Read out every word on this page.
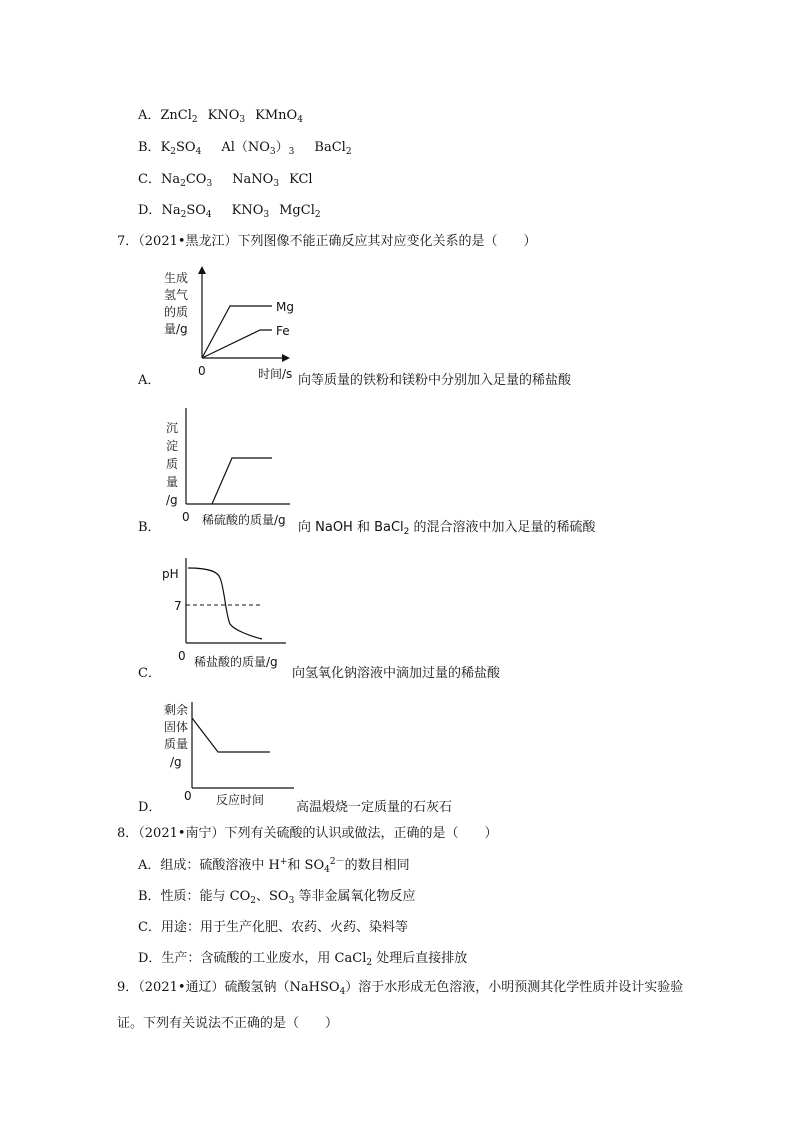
A．ZnCl$_2$ $KNO_3$ KMnO$_4$
B．$K_2SO_4$ $Al(NO_3)_3$ BaCl$_2$
C．$Na_2CO_3$ NaNO$_3$ KCl
D．$Na_2SO_4$ $KNO_3$ MgCl$_2$
7．（2021•黑龙江）下列图像不能正确反应其对应变化关系的是（　　）
生成
氢气
的质
量/g
Mg
Fe
0	时间/s
A．	向等质量的铁粉和镁粉中分别加入足量的稀盐酸
沉
淀
质
量
/g
0 稀硫酸的质量/g
B．	向 NaOH 和 BaCl$_2$ 的混合溶液中加入足量的稀硫酸
pH
7
0 稀盐酸的质量/g
C．	向氢氧化钠溶液中滴加过量的稀盐酸
剩余
固体
质量
/g
0 反应时间
D．	高温煅烧一定质量的石灰石
8．（2021•南宁）下列有关硫酸的认识或做法，正确的是（　　）
A．组成：硫酸溶液中 H+和 $SO_4^{2-}$的数目相同
B．性质：能与 $CO_2$、$SO_3$ 等非金属氧化物反应
C．用途：用于生产化肥、农药、火药、染料等
D．生产：含硫酸的工业废水，用 CaCl$_2$ 处理后直接排放
9．（2021•通辽）硫酸氢钠（NaHSO$_4$）溶于水形成无色溶液，小明预测其化学性质并设计实验验证。下列有关说法不正确的是（　　）
